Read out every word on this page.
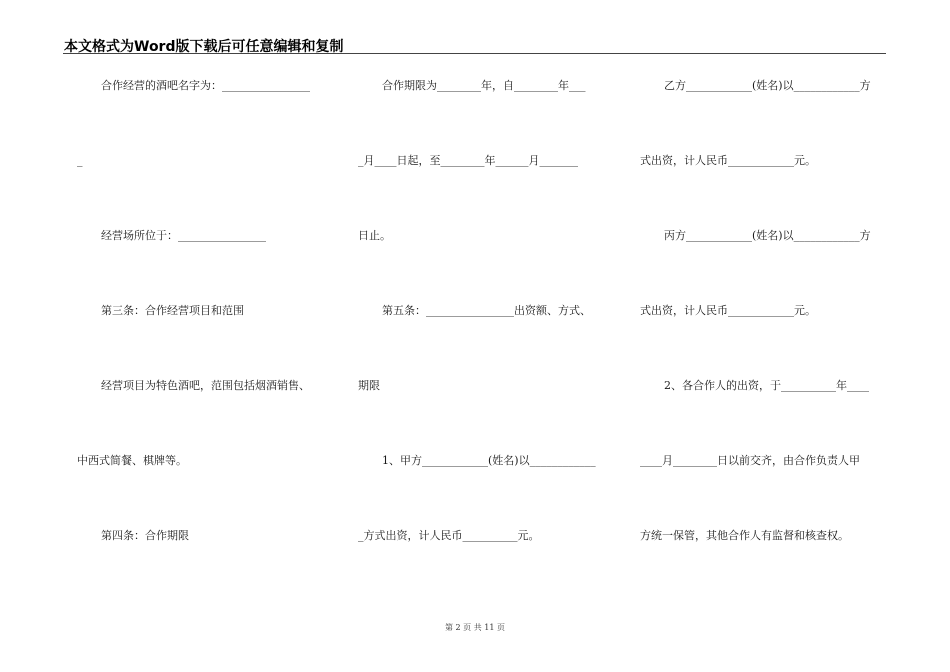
本文格式为Word版下载后可任意编辑和复制
合作经营的酒吧名字为：________________
_
经营场所位于：________________
第三条：合作经营项目和范围
经营项目为特色酒吧，范围包括烟酒销售、
中西式简餐、棋牌等。
第四条：合作期限
合作期限为________年，自________年___
_月____日起，至________年______月_______
日止。
第五条：________________出资额、方式、
期限
1、甲方____________(姓名)以____________
_方式出资，计人民币__________元。
乙方____________(姓名)以____________方
式出资，计人民币____________元。
丙方____________(姓名)以____________方
式出资，计人民币____________元。
2、各合作人的出资，于__________年____
____月________日以前交齐，由合作负责人甲
方统一保管，其他合作人有监督和核查权。
第 2 页 共 11 页
